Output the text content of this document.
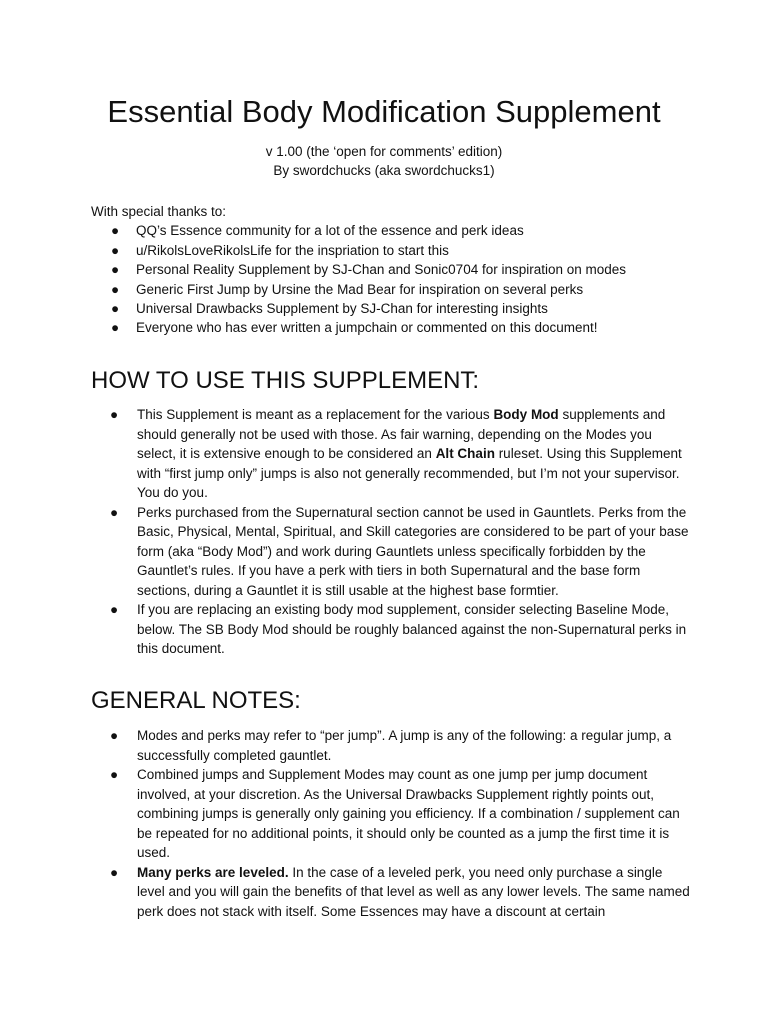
Essential Body Modification Supplement
v 1.00 (the ‘open for comments’ edition)
By swordchucks (aka swordchucks1)

With special thanks to:

● QQ’s Essence community for a lot of the essence and perk ideas
● u/RikolsLoveRikolsLife for the inspriation to start this
● Personal Reality Supplement by SJ-Chan and Sonic0704 for inspiration on modes
● Generic First Jump by Ursine the Mad Bear for inspiration on several perks
● Universal Drawbacks Supplement by SJ-Chan for interesting insights
● Everyone who has ever written a jumpchain or commented on this document!
HOW TO USE THIS SUPPLEMENT:
● This Supplement is meant as a replacement for the various Body Mod supplements and should generally not be used with those. As fair warning, depending on the Modes you select, it is extensive enough to be considered an Alt Chain ruleset. Using this Supplement with “first jump only” jumps is also not generally recommended, but I’m not your supervisor. You do you.
● Perks purchased from the Supernatural section cannot be used in Gauntlets. Perks from the Basic, Physical, Mental, Spiritual, and Skill categories are considered to be part of your base form (aka “Body Mod”) and work during Gauntlets unless specifically forbidden by the Gauntlet’s rules. If you have a perk with tiers in both Supernatural and the base form sections, during a Gauntlet it is still usable at the highest base formtier.
● If you are replacing an existing body mod supplement, consider selecting Baseline Mode, below. The SB Body Mod should be roughly balanced against the non-Supernatural perks in this document.
GENERAL NOTES:
● Modes and perks may refer to “per jump”. A jump is any of the following: a regular jump, a successfully completed gauntlet.
● Combined jumps and Supplement Modes may count as one jump per jump document involved, at your discretion. As the Universal Drawbacks Supplement rightly points out, combining jumps is generally only gaining you efficiency. If a combination / supplement can be repeated for no additional points, it should only be counted as a jump the first time it is used.
● Many perks are leveled. In the case of a leveled perk, you need only purchase a single level and you will gain the benefits of that level as well as any lower levels. The same named perk does not stack with itself. Some Essences may have a discount at certain
